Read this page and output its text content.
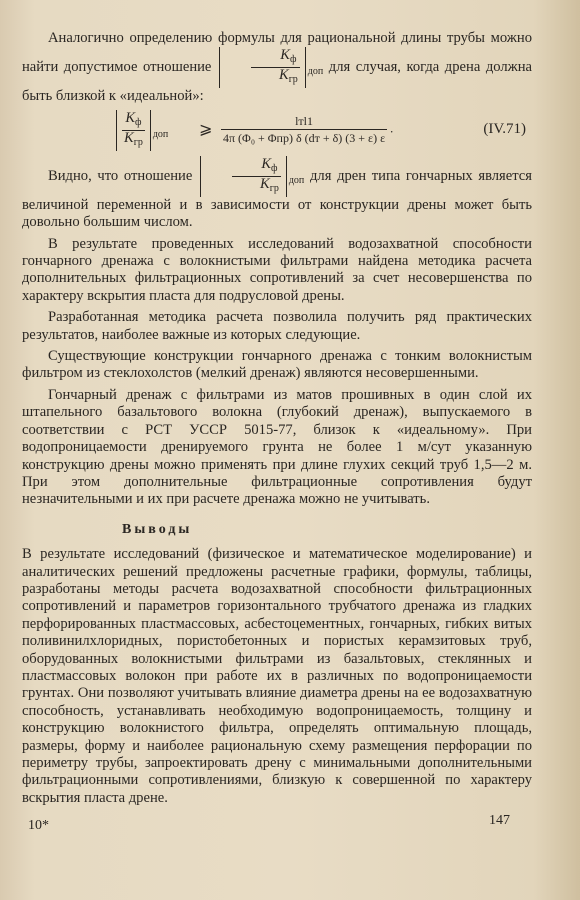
Аналогично определению формулы для рациональной длины трубы можно найти допустимое отношение	$\frac{K_ф}{K_{гр}} _{доп}$ для случая, когда дрена должна быть близкой к «идеальной»:

$\frac{K_ф}{K_{гр}} _{доп}$ ⩾ $\frac{\text{lтl1}}{\text{4π (Φ₀ + Φпр) δ (dт + δ) (3 + ε) ε}}$ .	(IV.71)

Видно, что отношение	$\frac{K_ф}{K_{гр}} _{доп}$ для дрен типа гончарных является величиной переменной и в зависимости от конструкции дрены может быть довольно большим числом.

В результате проведенных исследований водозахватной способности гончарного дренажа с волокнистыми фильтрами найдена методика расчета дополнительных фильтрационных сопротивлений за счет несовершенства по характеру вскрытия пласта для подрусловой дрены.

Разработанная методика расчета позволила получить ряд практических результатов, наиболее важные из которых следующие.

Существующие конструкции гончарного дренажа с тонким волокнистым фильтром из стеклохолстов (мелкий дренаж) являются несовершенными.

Гончарный дренаж с фильтрами из матов прошивных в один слой их штапельного базальтового волокна (глубокий дренаж), выпускаемого в соответствии с РСТ УССР 5015-77, близок к «идеальному». При водопроницаемости дренируемого грунта не более 1 м/сут указанную конструкцию дрены можно применять при длине глухих секций труб 1,5—2 м. При этом дополнительные фильтрационные сопротивления будут незначительными и их при расчете дренажа можно не учитывать.

Выводы

В результате исследований (физическое и математическое моделирование) и аналитических решений предложены расчетные графики, формулы, таблицы, разработаны методы расчета водозахватной способности фильтрационных сопротивлений и параметров горизонтального трубчатого дренажа из гладких перфорированных пластмассовых, асбестоцементных, гончарных, гибких витых поливинилхлоридных, пористобетонных и пористых керамзитовых труб, оборудованных волокнистыми фильтрами из базальтовых, стеклянных и пластмассовых волокон при работе их в различных по водопроницаемости грунтах. Они позволяют учитывать влияние диаметра дрены на ее водозахватную способность, устанавливать необходимую водопроницаемость, толщину и конструкцию волокнистого фильтра, определять оптимальную площадь, размеры, форму и наиболее рациональную схему размещения перфорации по периметру трубы, запроектировать дрену с минимальными дополнительными фильтрационными сопротивлениями, близкую к совершенной по характеру вскрытия пласта дрене.

10*	147
